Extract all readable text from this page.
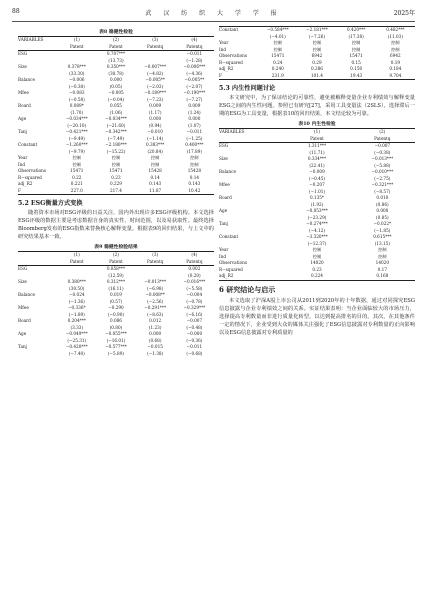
88	武 汉 纺 织 大 学 学 报	2025年
表8 稳健性检验
VARIABLES	(1)	(2)	(3)	(4)
	Patent	Patent	Patentq	Patentq
ESG		0.707***		−0.011
		(13.73)		(−1.28)
Size	0.378***	0.350***	−0.007***	−0.006***
	(33.30)	(30.78)	(−4.82)	(−4.36)
Balance	−0.006	0.000	−0.005**	−0.005**
	(−0.38)	(0.05)	(−2.03)	(−2.07)
Mfee	−0.083	−0.005	−0.189***	−0.190***
	(−0.58)	(−0.04)	(−7.23)	(−7.27)
Board	0.089*	0.055	0.009	0.009
	(1.70)	(1.06)	(1.17)	(1.24)
Age	−0.034***	−0.034***	0.000	0.000
	(−20.10)	(−21.60)	(0.94)	(1.07)
Tanj	−0.421***	−0.342***	−0.010	−0.011
	(−9.49)	(−7.49)	(−1.14)	(−1.25)
Constant	−1.260***	−2.180***	0.383***	0.400***
	(−9.79)	(−15.22)	(20.84)	(17.89)
Year	控制	控制	控制	控制
Ind	控制	控制	控制	控制
Observations	15471	15471	15428	15428
R−squared	0.22	0.23	0.14	0.14
adj_R2	0.221	0.229	0.143	0.143
F	227.0	217.4	11.87	10.42
5.2 ESG衡量方式变换

随着资本市场对ESG评级的日益关注，国内外出现许多ESG评级机构。本文选择ESG评级的数据主要是考虑数据自身的真实性、时间范围，以及易获取性。最终选择Bloomberg发布的ESG指数来替换核心解释变量。根据表9的回归结果，与上文中的研究结果基本一致。

表9 稳健性检验结果
	(1)	(2)	(3)	(4)
	Patent	Patent	Patentq	Patentq
ESG		0.858***		0.002
		(12.59)		(0.20)
Size	0.380***	0.312***	−0.013***	−0.016***
	(30.50)	(16.11)	(−6.98)	(−5.58)
Balance	−0.024	0.019	−0.008**	−0.004
	(−1.36)	(0.57)	(−2.56)	(−0.78)
Mfee	−0.336*	−0.290	−0.291***	−0.329***
	(−1.89)	(−0.90)	(−8.63)	(−6.16)
Board	0.204***	0.086	0.012	−0.007
	(3.33)	(0.80)	(1.23)	(−0.48)
Age	−0.049***	−0.055***	0.000	−0.000
	(−25.31)	(−16.01)	(0.68)	(−0.36)
Tanj	−0.420***	−0.577***	−0.015	−0.011
	(−7.40)	(−5.89)	(−1.38)	(−0.68)
Constant	−0.584***	−2.181***	0.420***	0.482***
	(−4.01)	(−7.26)	(17.38)	(11.03)
Year	控制	控制	控制	控制
Ind	控制	控制	控制	控制
Observations	15471	6942	15471	6942
R−squared	0.24	0.29	0.15	0.19
adj_R2	0.240	0.286	0.150	0.184
F	231.9	101.4	19.43	9.704
5.3 内生性问题讨论

本文研究中，为了保证结论的可靠性，避免被解释变量企业专利绩效与解释变量ESG之间的内生性问题。参照已有研究[27]，采用工具变量法（2SLS），选择滞后一期的ESG为工具变量，根据表10的回归结果，本文结论较为可靠。

表10 内生性检验
VARIABLES	(1)	(2)
	Patent	Patentq
ESG	1.311***	−0.007
	(11.71)	(−0.38)
Size	0.334***	−0.013***
	(22.41)	(−5.88)
Balance	−0.009	−0.010***
	(−0.45)	(−2.75)
Mfee	−0.207	−0.321***
	(−1.01)	(−8.57)
Board	0.135*	0.010
	(1.92)	(0.86)
Age	−0.053***	0.000
	(−23.29)	(0.85)
Tanj	−0.274***	−0.022*
	(−4.12)	(−1.85)
Constant	−3.320***	0.615***
	(−12.37)	(13.15)
Year	控制	控制
Ind	控制	控制
Observations	14020	14020
R−squared	0.23	0.17
adj_R2	0.224	0.168
6 研究结论与启示

本文选取了沪深A股上市公司从2011到2020年的十年数据，通过对同探究ESG信息披露与企业专利绩效之间的关系。实证结果表明：当企业面临较大的市场压力，选择提高专利数量而非进行质量化转型，以达到提高排名的目的。其次，在其他条件一定的情况下，企业受到大众的媒体关注强化了ESG信息披露对专利数量的正向影响以及ESG信息披露对专利质量的
